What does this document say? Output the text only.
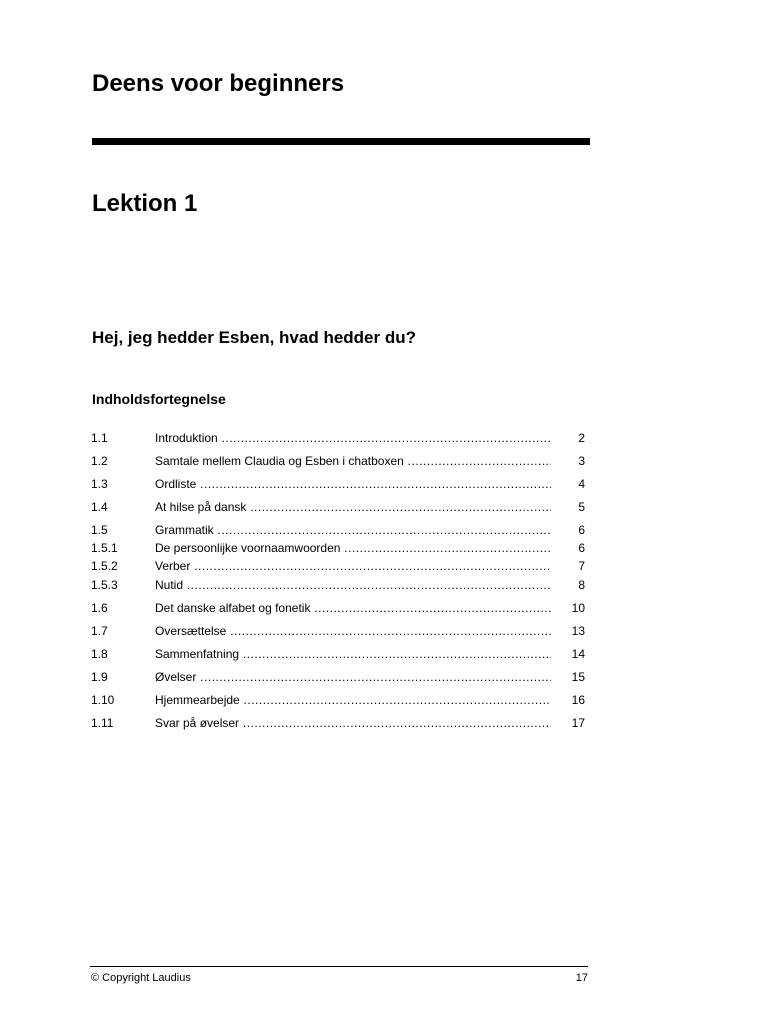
Deens voor beginners
Lektion 1
Hej, jeg hedder Esben, hvad hedder du?
Indholdsfortegnelse
1.1	Introduktion .....	2
1.2	Samtale mellem Claudia og Esben i chatboxen .....	3
1.3	Ordliste .....	4
1.4	At hilse på dansk .....	5
1.5	Grammatik .....	6
1.5.1	De persoonlijke voornaamwoorden .....	6
1.5.2	Verber .....	7
1.5.3	Nutid .....	8
1.6	Det danske alfabet og fonetik .....	10
1.7	Oversættelse .....	13
1.8	Sammenfatning .....	14
1.9	Øvelser .....	15
1.10	Hjemmearbejde .....	16
1.11	Svar på øvelser .....	17
© Copyright Laudius	17
